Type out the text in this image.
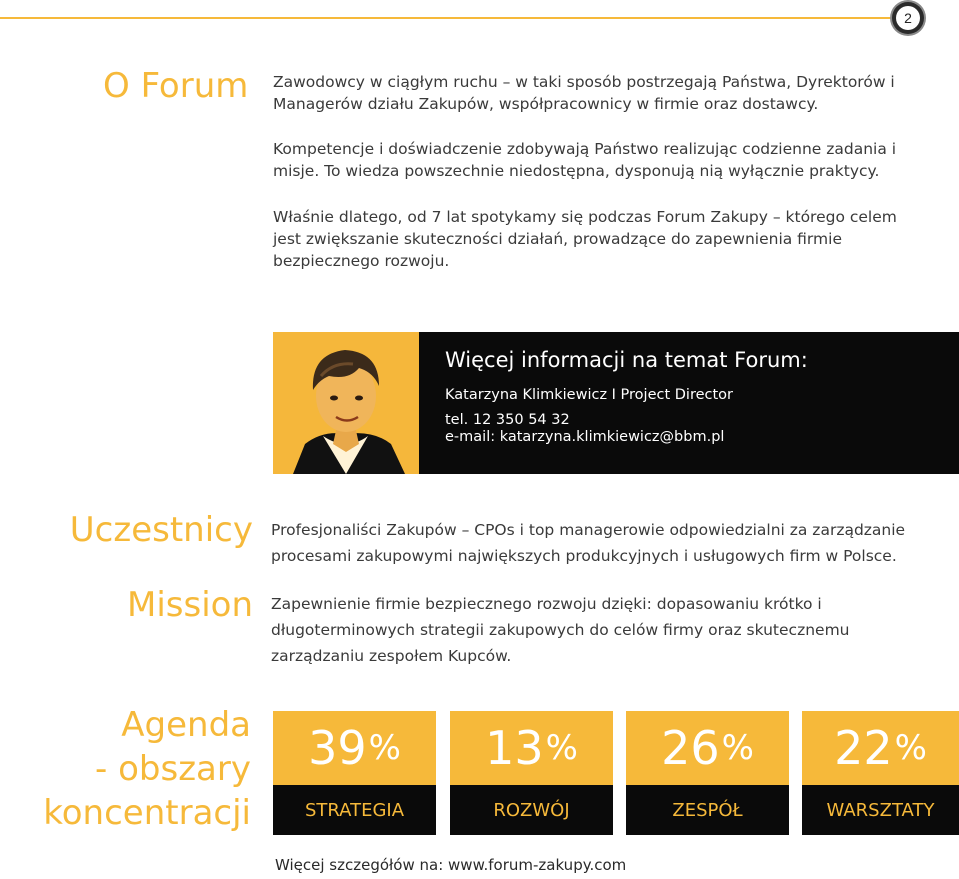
2
O Forum Zawodowcy w ciągłym ruchu – w taki sposób postrzegają Państwa, Dyrektorów i Managerów działu Zakupów, współpracownicy w firmie oraz dostawcy.

Kompetencje i doświadczenie zdobywają Państwo realizując codzienne zadania i misje. To wiedza powszechnie niedostępna, dysponują nią wyłącznie praktycy.

Właśnie dlatego, od 7 lat spotykamy się podczas Forum Zakupy – którego celem jest zwiększanie skuteczności działań, prowadzące do zapewnienia firmie bezpiecznego rozwoju.

Więcej informacji na temat Forum:
Katarzyna Klimkiewicz I Project Director
tel. 12 350 54 32
e-mail: katarzyna.klimkiewicz@bbm.pl
Uczestnicy Profesjonaliści Zakupów – CPOs i top managerowie odpowiedzialni za zarządzanie procesami zakupowymi największych produkcyjnych i usługowych firm w Polsce.

Mission Zapewnienie firmie bezpiecznego rozwoju dzięki: dopasowaniu krótko i długoterminowych strategii zakupowych do celów firmy oraz skutecznemu zarządzaniu zespołem Kupców.

Agenda
- obszary
koncentracji
39 %
STRATEGIA
13 %
ROZWÓJ
26 %
ZESPÓŁ
22 %
WARSZTATY
Więcej szczegółów na: www.forum-zakupy.com
